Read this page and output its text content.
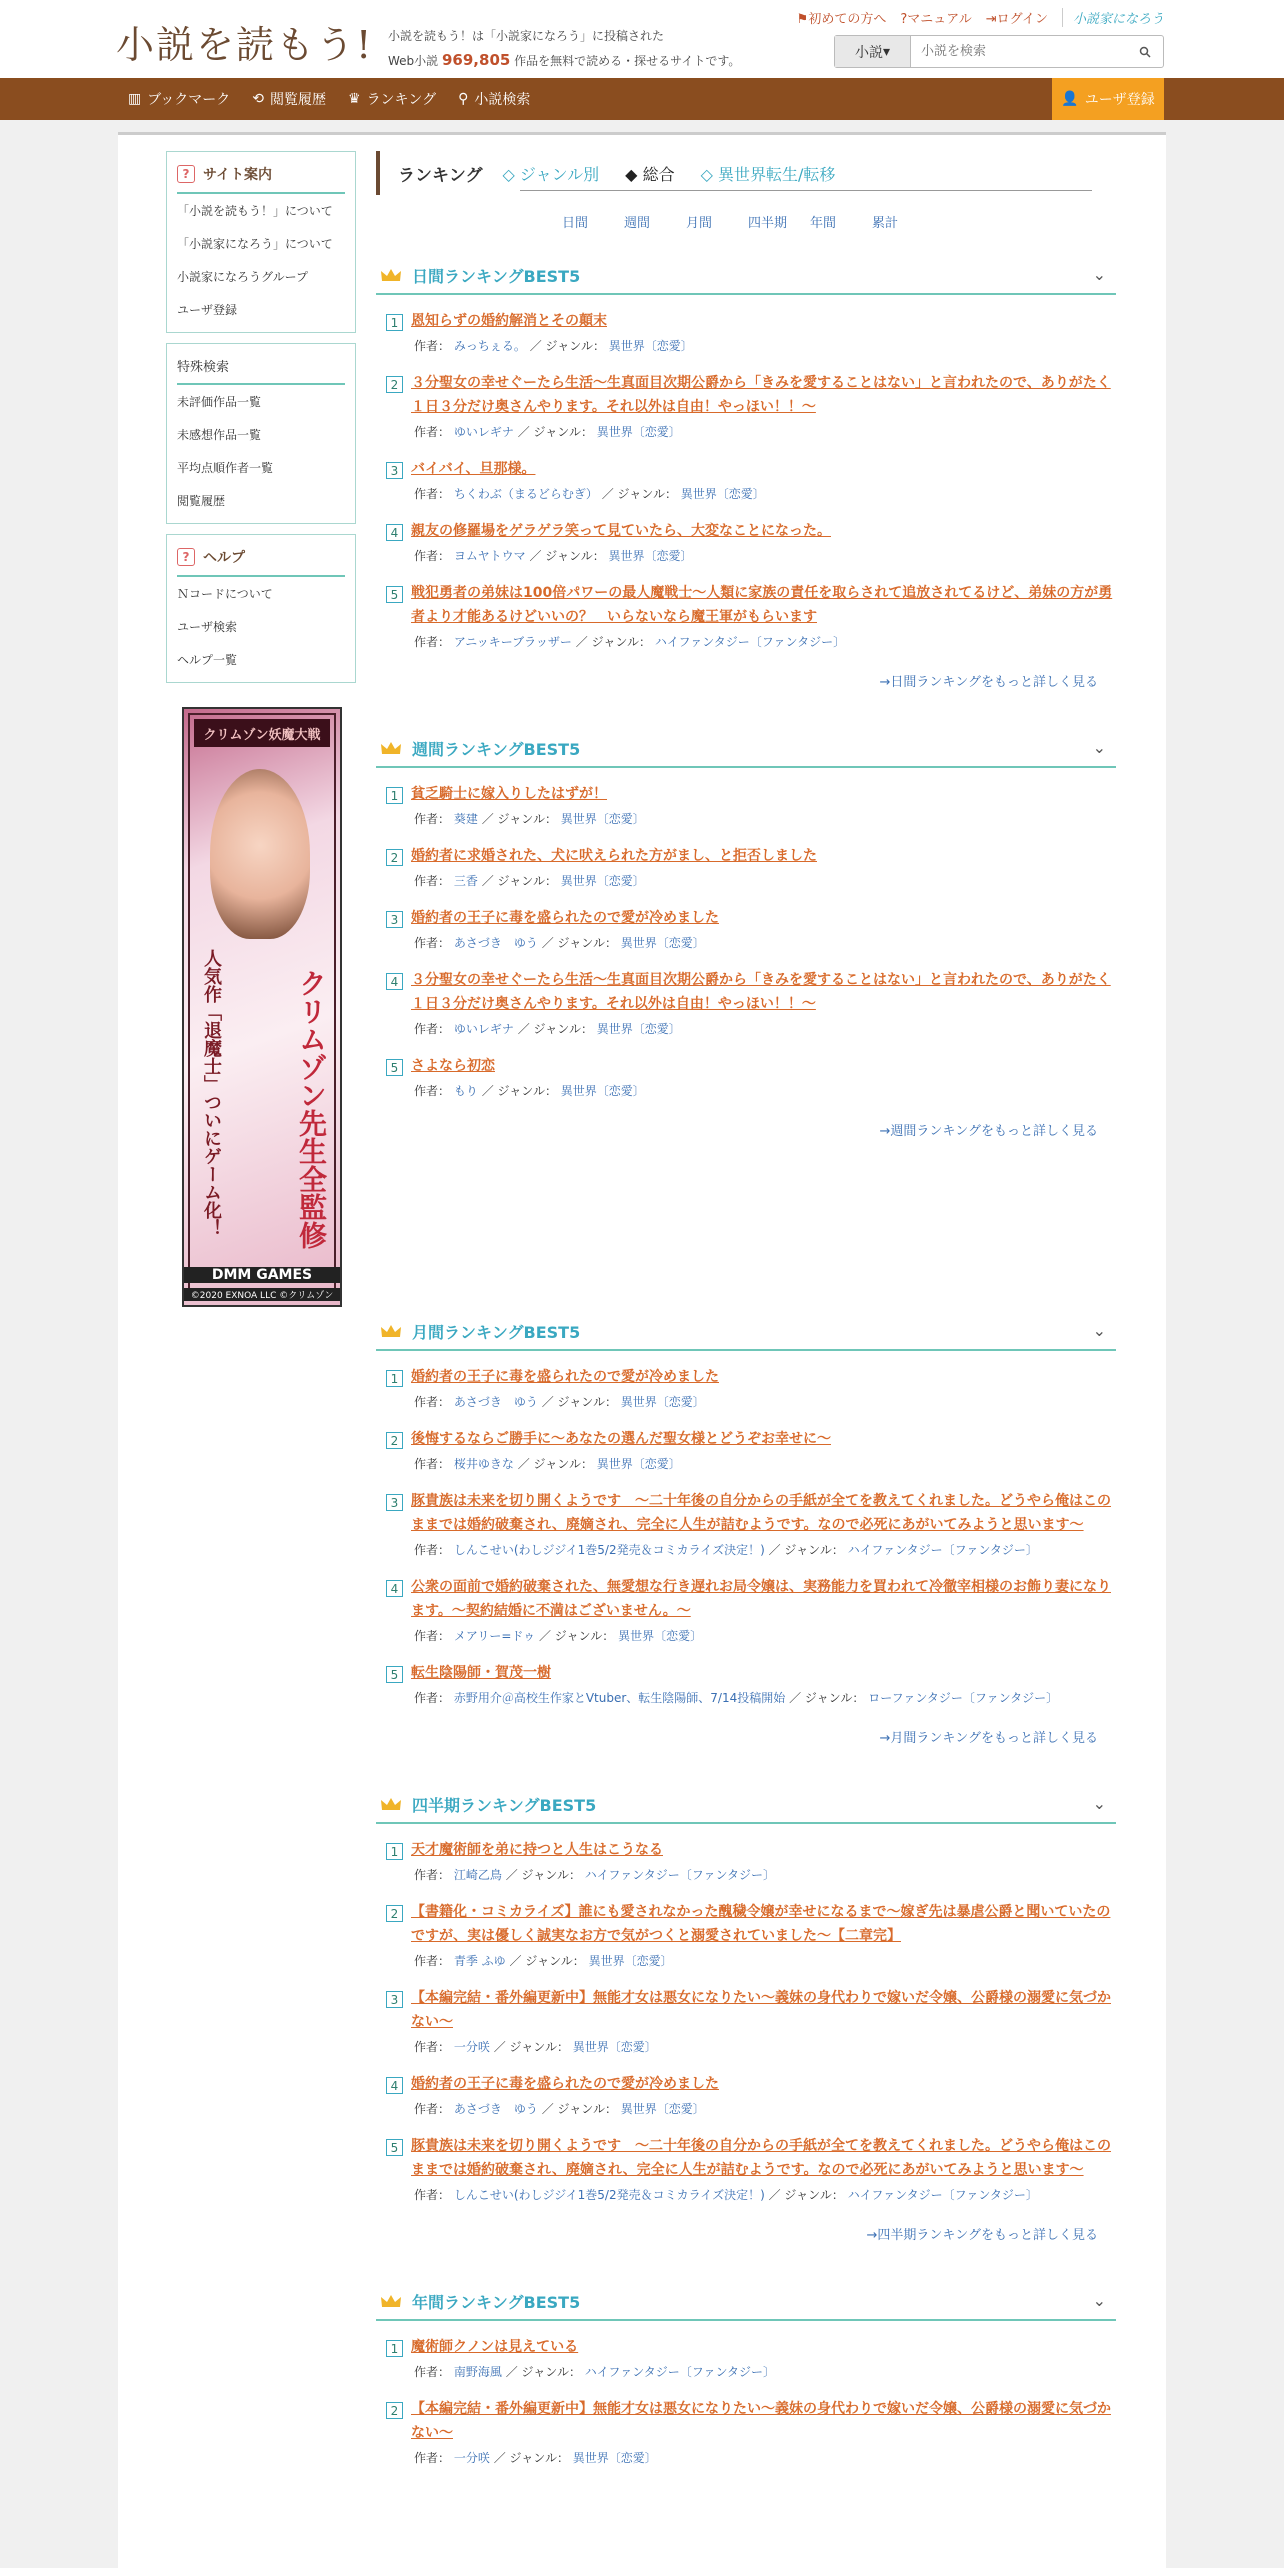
小説を読もう! 小説を読もう！は「小説家になろう」に投稿された
Web小説 969,805 作品を無料で読める・探せるサイトです。
⚑初めての方へ ?マニュアル ⇥ログイン	小説家になろう
小説 ▾
小説を検索
▥ ブックマーク ⟲ 閲覧履歴 ♛ ランキング ⚲ 小説検索	👤 ユーザ登録
? サイト案内
「小説を読もう！」について
「小説家になろう」について
小説家になろうグループ
ユーザ登録
特殊検索
未評価作品一覧
未感想作品一覧
平均点順作者一覧
閲覧履歴
? ヘルプ
Ｎコードについて
ユーザ検索
ヘルプ一覧
クリムゾン妖魔大戦
クリムゾン先生全監修
人気作「退魔士」ついにゲーム化！
DMM GAMES
©2020 EXNOA LLC ©クリムゾン
ランキング	◇ ジャンル別 ◆ 総合 ◇ 異世界転生/転移
日間	週間	月間	四半期	年間	累計
日間ランキングBEST5	⌄
1 恩知らずの婚約解消とその顛末
作者： みっちぇる。 ／ ジャンル： 異世界〔恋愛〕
2 ３分聖女の幸せぐーたら生活〜生真面目次期公爵から「きみを愛することはない」と言われたので、ありがたく１日３分だけ奥さんやります。それ以外は自由！やっほい！！〜
作者： ゆいレギナ ／ ジャンル： 異世界〔恋愛〕
3 バイバイ、旦那様。
作者： ちくわぶ（まるどらむぎ） ／ ジャンル： 異世界〔恋愛〕
4 親友の修羅場をゲラゲラ笑って見ていたら、大変なことになった。
作者： ヨムヤトウマ ／ ジャンル： 異世界〔恋愛〕
5 戦犯勇者の弟妹は100倍パワーの最人魔戦士～人類に家族の責任を取らされて追放されてるけど、弟妹の方が勇者より才能あるけどいいの？　いらないなら魔王軍がもらいます
作者： アニッキーブラッザー ／ ジャンル： ハイファンタジー〔ファンタジー〕
→日間ランキングをもっと詳しく見る
週間ランキングBEST5	⌄
1 貧乏騎士に嫁入りしたはずが！
作者： 葵建 ／ ジャンル： 異世界〔恋愛〕
2 婚約者に求婚された、犬に吠えられた方がまし、と拒否しました
作者： 三香 ／ ジャンル： 異世界〔恋愛〕
3 婚約者の王子に毒を盛られたので愛が冷めました
作者： あさづき　ゆう ／ ジャンル： 異世界〔恋愛〕
4 ３分聖女の幸せぐーたら生活〜生真面目次期公爵から「きみを愛することはない」と言われたので、ありがたく１日３分だけ奥さんやります。それ以外は自由！やっほい！！〜
作者： ゆいレギナ ／ ジャンル： 異世界〔恋愛〕
5 さよなら初恋
作者： もり ／ ジャンル： 異世界〔恋愛〕
→週間ランキングをもっと詳しく見る
月間ランキングBEST5	⌄
1 婚約者の王子に毒を盛られたので愛が冷めました
作者： あさづき　ゆう ／ ジャンル： 異世界〔恋愛〕
2 後悔するならご勝手に～あなたの選んだ聖女様とどうぞお幸せに～
作者： 桜井ゆきな ／ ジャンル： 異世界〔恋愛〕
3 豚貴族は未来を切り開くようです　～二十年後の自分からの手紙が全てを教えてくれました。どうやら俺はこのままでは婚約破棄され、廃嫡され、完全に人生が詰むようです。なので必死にあがいてみようと思います～
作者： しんこせい(わしジジイ1巻5/2発売＆コミカライズ決定！) ／ ジャンル： ハイファンタジー〔ファンタジー〕
4 公衆の面前で婚約破棄された、無愛想な行き遅れお局令嬢は、実務能力を買われて冷徹宰相様のお飾り妻になります。～契約結婚に不満はございません。～
作者： メアリー=ドゥ ／ ジャンル： 異世界〔恋愛〕
5 転生陰陽師・賀茂一樹
作者： 赤野用介＠高校生作家とVtuber、転生陰陽師、7/14投稿開始 ／ ジャンル： ローファンタジー〔ファンタジー〕
→月間ランキングをもっと詳しく見る
四半期ランキングBEST5	⌄
1 天才魔術師を弟に持つと人生はこうなる
作者： 江崎乙鳥 ／ ジャンル： ハイファンタジー〔ファンタジー〕
2 【書籍化・コミカライズ】誰にも愛されなかった醜穢令嬢が幸せになるまで〜嫁ぎ先は暴虐公爵と聞いていたのですが、実は優しく誠実なお方で気がつくと溺愛されていました〜【二章完】
作者： 青季 ふゆ ／ ジャンル： 異世界〔恋愛〕
3 【本編完結・番外編更新中】無能才女は悪女になりたい～義妹の身代わりで嫁いだ令嬢、公爵様の溺愛に気づかない～
作者： 一分咲 ／ ジャンル： 異世界〔恋愛〕
4 婚約者の王子に毒を盛られたので愛が冷めました
作者： あさづき　ゆう ／ ジャンル： 異世界〔恋愛〕
5 豚貴族は未来を切り開くようです　～二十年後の自分からの手紙が全てを教えてくれました。どうやら俺はこのままでは婚約破棄され、廃嫡され、完全に人生が詰むようです。なので必死にあがいてみようと思います～
作者： しんこせい(わしジジイ1巻5/2発売＆コミカライズ決定！) ／ ジャンル： ハイファンタジー〔ファンタジー〕
→四半期ランキングをもっと詳しく見る
年間ランキングBEST5	⌄
1 魔術師クノンは見えている
作者： 南野海風 ／ ジャンル： ハイファンタジー〔ファンタジー〕
2 【本編完結・番外編更新中】無能才女は悪女になりたい～義妹の身代わりで嫁いだ令嬢、公爵様の溺愛に気づかない～
作者： 一分咲 ／ ジャンル： 異世界〔恋愛〕
